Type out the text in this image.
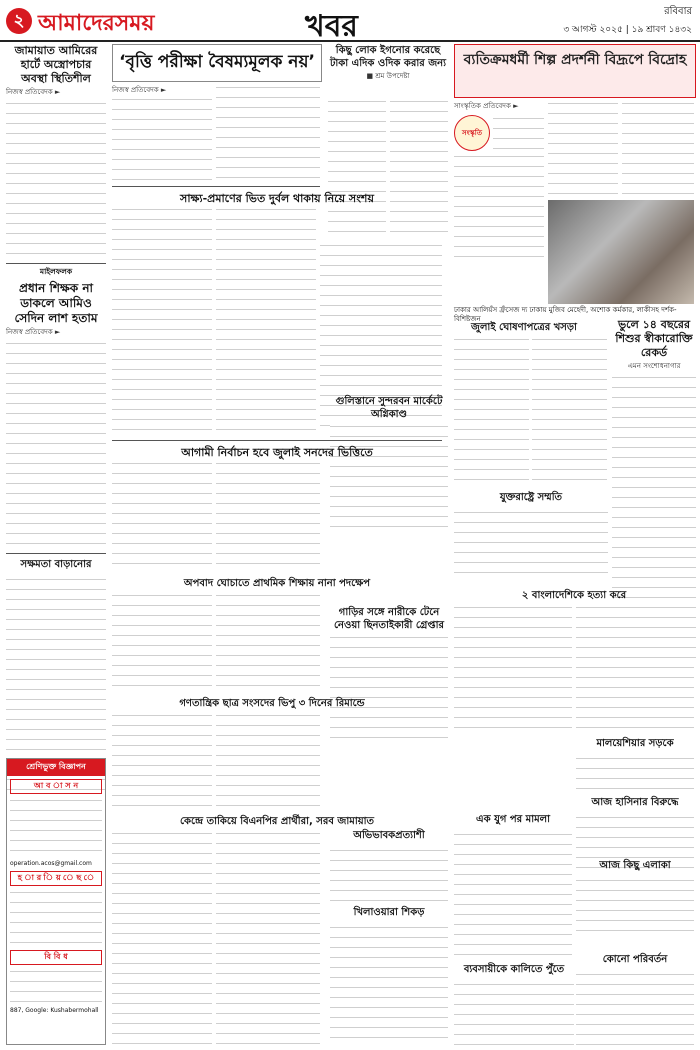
২ আমাদেরসময়	খবর	রবিবার
৩ আগস্ট ২০২৫ | ১৯ শ্রাবণ ১৪৩২
জামায়াত আমিরের হার্টে অস্ত্রোপচার অবস্থা স্থিতিশীল
নিজস্ব প্রতিবেদক ►
মাইলফলক
প্রধান শিক্ষক না ডাকলে আমিও সেদিন লাশ হতাম
নিজস্ব প্রতিবেদক ►
সক্ষমতা বাড়ানোর
শ্রেণিভুক্ত বিজ্ঞাপন
আ ব া স ন
operation.acos@gmail.com
হ া র ি য় ে ছ ে
বি বি ধ
887, Google: Kushabermohall
‘বৃত্তি পরীক্ষা বৈষম্যমূলক নয়’
নিজস্ব প্রতিবেদক ►
কিছু লোক ইগনোর করেছে টাকা এদিক ওদিক করার জন্য
■ শ্রম উপদেষ্টা
ব্যতিক্রমধর্মী শিল্প প্রদর্শনী বিদ্রূপে বিদ্রোহ
সাংস্কৃতিক প্রতিবেদক ►
সংস্কৃতি
ঢাকার আলিয়ঁস ফ্রঁসেজ দ্য ঢাকায় মুজিব মেহেদী, অশোক কর্মকার, লাকীসহ দর্শক-বিশিষ্টজন
সাক্ষ্য-প্রমাণের ভিত দুর্বল থাকায় নিয়ে সংশয়
জুলাই ঘোষণাপত্রের খসড়া	ভুলে ১৪ বছরের শিশুর স্বীকারোক্তি রেকর্ড
এমন সংশোধনাগার
গুলিস্তানে সুন্দরবন মার্কেটে অগ্নিকাণ্ড
যুক্তরাষ্ট্রে সম্মতি
আগামী নির্বাচন হবে জুলাই সনদের ভিত্তিতে
অপবাদ ঘোচাতে প্রাথমিক শিক্ষায় নানা পদক্ষেপ
গাড়ির সঙ্গে নারীকে টেনে নেওয়া ছিনতাইকারী গ্রেপ্তার
২ বাংলাদেশিকে হত্যা করে
গণতান্ত্রিক ছাত্র সংসদের ভিপু ৩ দিনের রিমান্ডে
মালয়েশিয়ার সড়কে
আজ হাসিনার বিরুদ্ধে
কেন্দ্রে তাকিয়ে বিএনপির প্রার্থীরা, সরব জামায়াত
অভিভাবকপ্রত্যাশী
খিলাওয়ারা শিকড়
এক যুগ পর মামলা
আজ কিছু এলাকা
ব্যবসায়ীকে কালিতে পুঁতে
কোনো পরিবর্তন
